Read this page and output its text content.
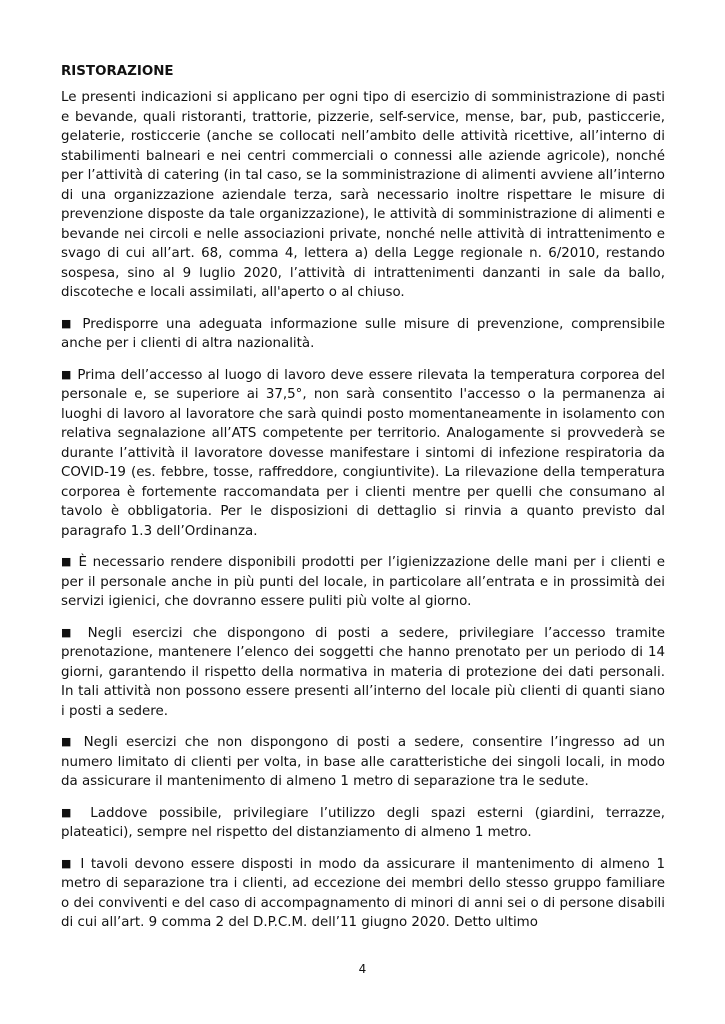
RISTORAZIONE

Le presenti indicazioni si applicano per ogni tipo di esercizio di somministrazione di pasti e bevande, quali ristoranti, trattorie, pizzerie, self-service, mense, bar, pub, pasticcerie, gelaterie, rosticcerie (anche se collocati nell’ambito delle attività ricettive, all’interno di stabilimenti balneari e nei centri commerciali o connessi alle aziende agricole), nonché per l’attività di catering (in tal caso, se la somministrazione di alimenti avviene all’interno di una organizzazione aziendale terza, sarà necessario inoltre rispettare le misure di prevenzione disposte da tale organizzazione), le attività di somministrazione di alimenti e bevande nei circoli e nelle associazioni private, nonché nelle attività di intrattenimento e svago di cui all’art. 68, comma 4, lettera a) della Legge regionale n. 6/2010, restando sospesa, sino al 9 luglio 2020, l’attività di intrattenimenti danzanti in sale da ballo, discoteche e locali assimilati, all'aperto o al chiuso.

■ Predisporre una adeguata informazione sulle misure di prevenzione, comprensibile anche per i clienti di altra nazionalità.

■ Prima dell’accesso al luogo di lavoro deve essere rilevata la temperatura corporea del personale e, se superiore ai 37,5°, non sarà consentito l'accesso o la permanenza ai luoghi di lavoro al lavoratore che sarà quindi posto momentaneamente in isolamento con relativa segnalazione all’ATS competente per territorio. Analogamente si provvederà se durante l’attività il lavoratore dovesse manifestare i sintomi di infezione respiratoria da COVID-19 (es. febbre, tosse, raffreddore, congiuntivite). La rilevazione della temperatura corporea è fortemente raccomandata per i clienti mentre per quelli che consumano al tavolo è obbligatoria. Per le disposizioni di dettaglio si rinvia a quanto previsto dal paragrafo 1.3 dell’Ordinanza.

■ È necessario rendere disponibili prodotti per l’igienizzazione delle mani per i clienti e per il personale anche in più punti del locale, in particolare all’entrata e in prossimità dei servizi igienici, che dovranno essere puliti più volte al giorno.

■ Negli esercizi che dispongono di posti a sedere, privilegiare l’accesso tramite prenotazione, mantenere l’elenco dei soggetti che hanno prenotato per un periodo di 14 giorni, garantendo il rispetto della normativa in materia di protezione dei dati personali. In tali attività non possono essere presenti all’interno del locale più clienti di quanti siano i posti a sedere.

■ Negli esercizi che non dispongono di posti a sedere, consentire l’ingresso ad un numero limitato di clienti per volta, in base alle caratteristiche dei singoli locali, in modo da assicurare il mantenimento di almeno 1 metro di separazione tra le sedute.

■ Laddove possibile, privilegiare l’utilizzo degli spazi esterni (giardini, terrazze, plateatici), sempre nel rispetto del distanziamento di almeno 1 metro.

■ I tavoli devono essere disposti in modo da assicurare il mantenimento di almeno 1 metro di separazione tra i clienti, ad eccezione dei membri dello stesso gruppo familiare o dei conviventi e del caso di accompagnamento di minori di anni sei o di persone disabili di cui all’art. 9 comma 2 del D.P.C.M. dell’11 giugno 2020. Detto ultimo

4
